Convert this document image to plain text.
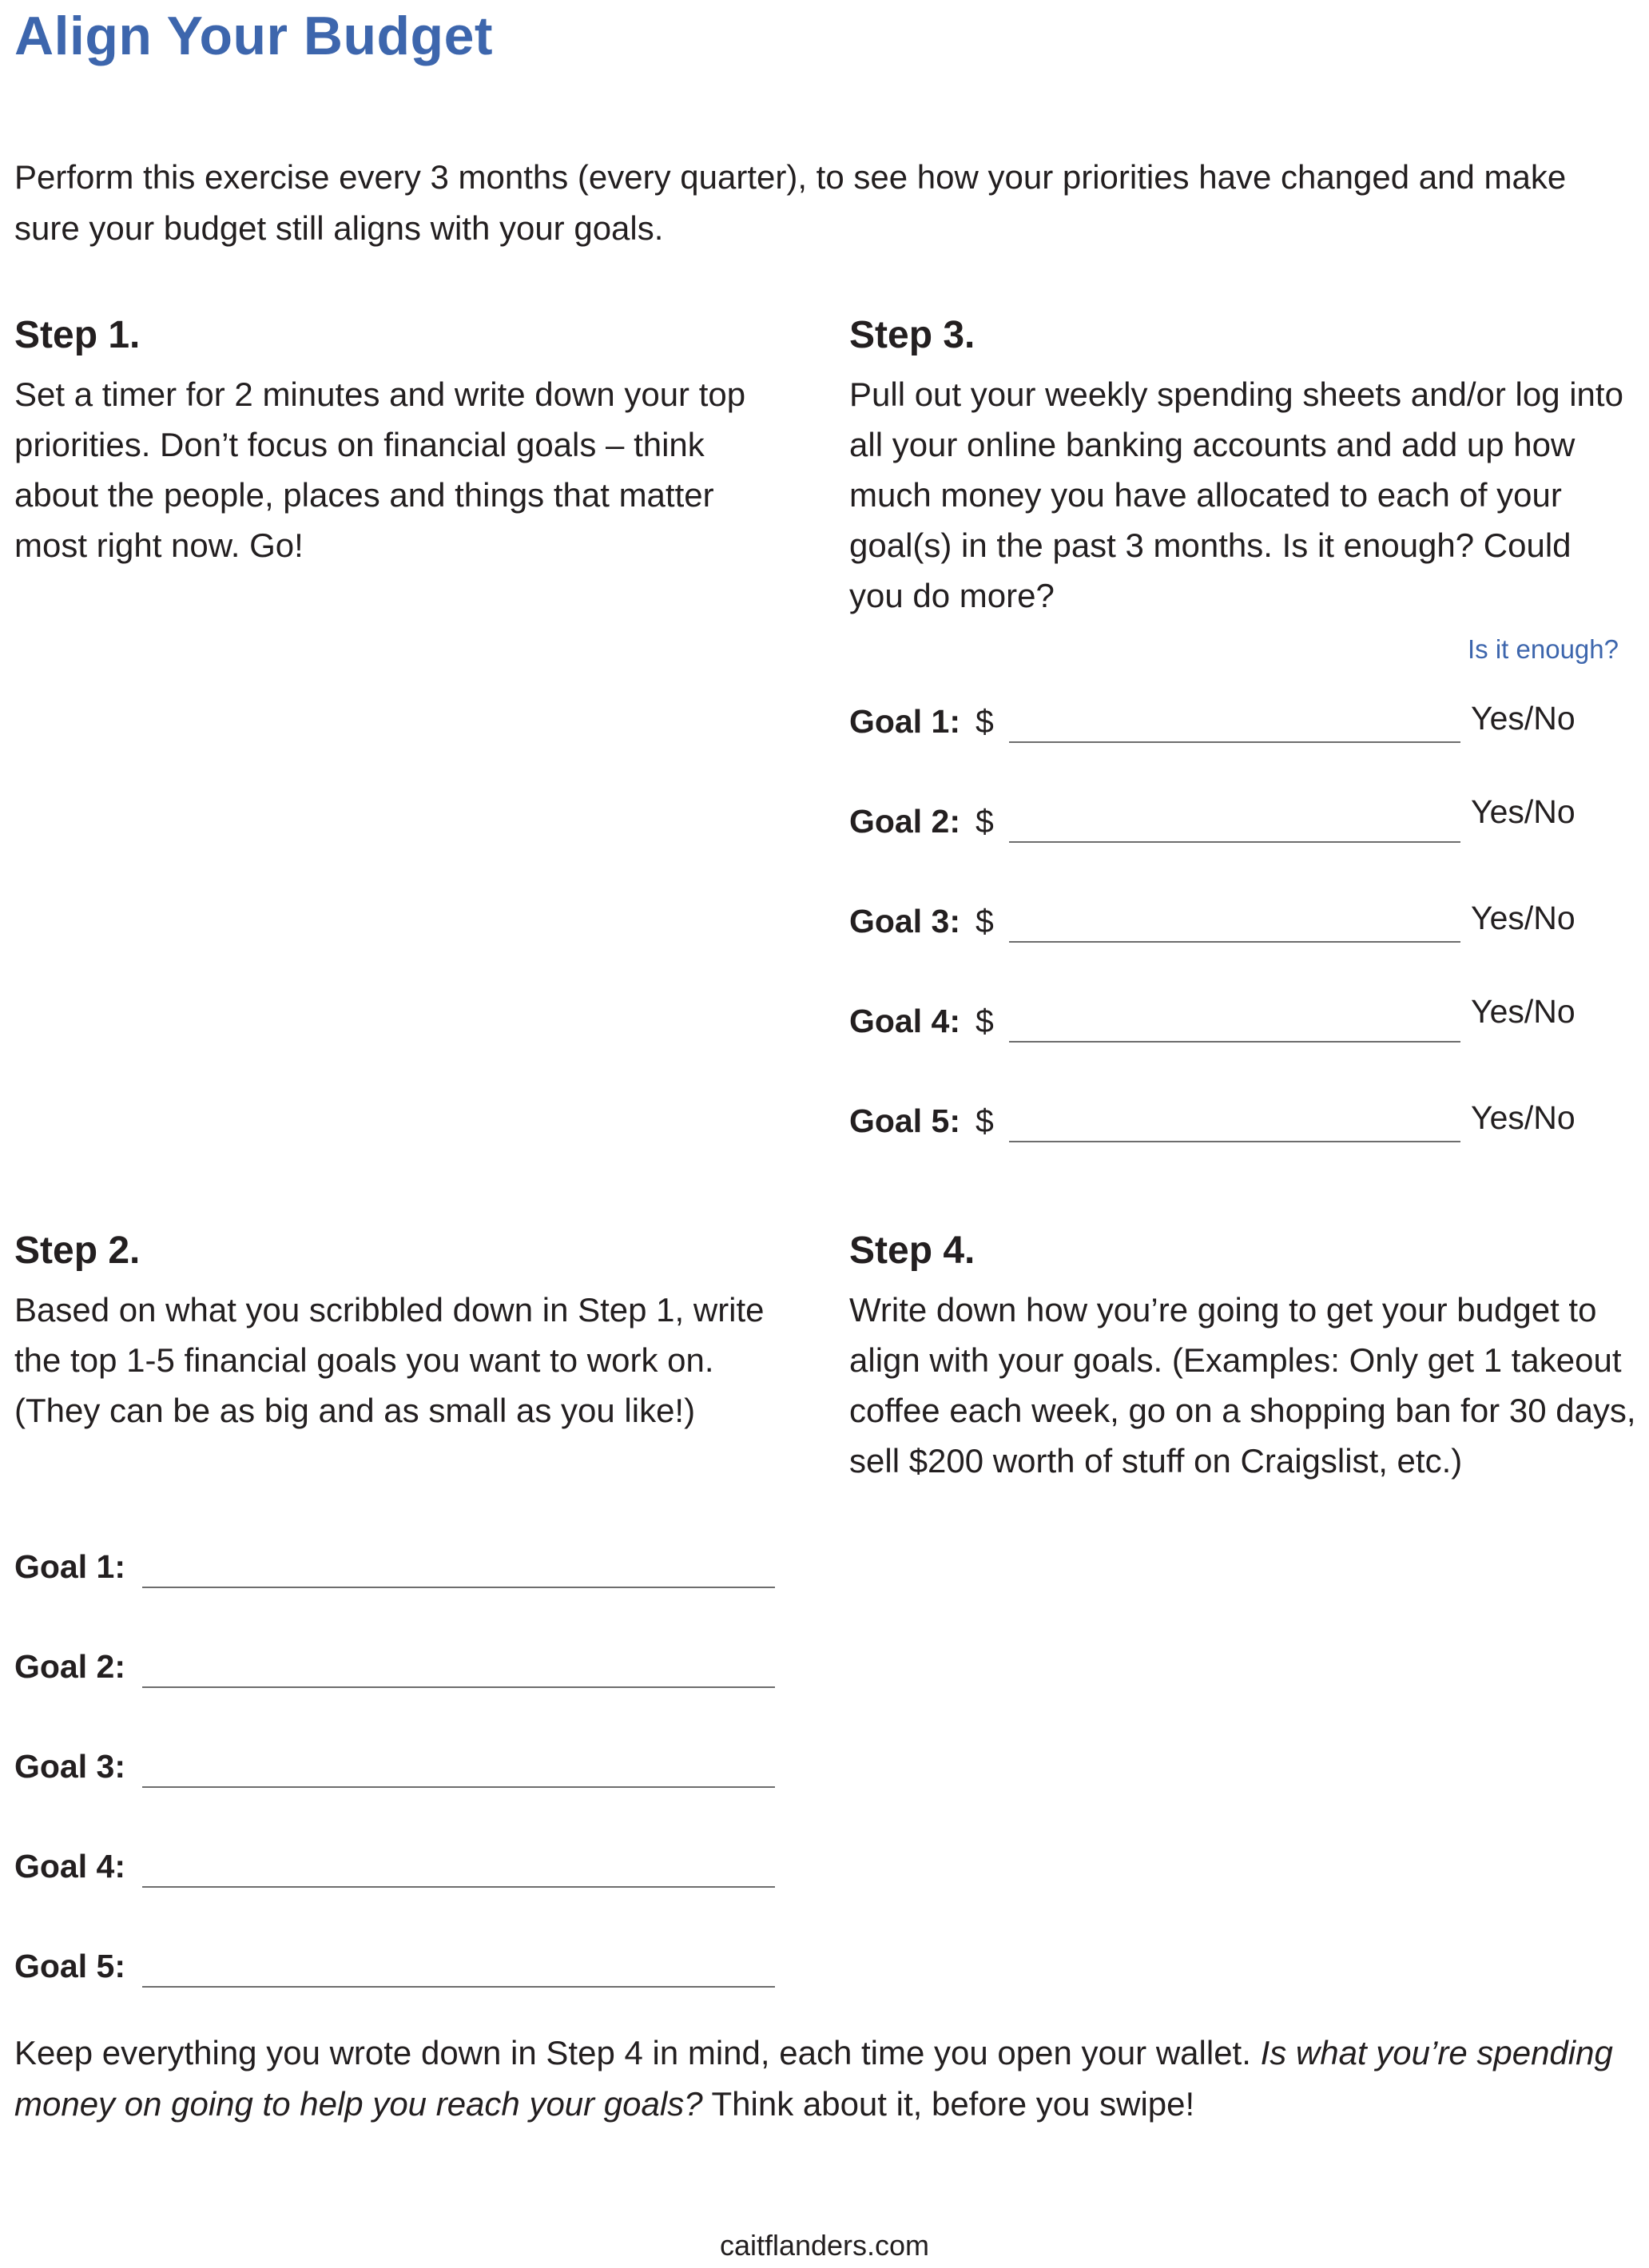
Align Your Budget
Perform this exercise every 3 months (every quarter), to see how your priorities have changed and make sure your budget still aligns with your goals.
Step 1.
Set a timer for 2 minutes and write down your top priorities. Don’t focus on financial goals – think about the people, places and things that matter most right now. Go!
Step 3.
Pull out your weekly spending sheets and/or log into all your online banking accounts and add up how much money you have allocated to each of your goal(s) in the past 3 months. Is it enough? Could you do more?
Is it enough?
Goal 1: $	Yes/No
Goal 2: $	Yes/No
Goal 3: $	Yes/No
Goal 4: $	Yes/No
Goal 5: $	Yes/No
Step 2.
Based on what you scribbled down in Step 1, write the top 1-5 financial goals you want to work on. (They can be as big and as small as you like!)
Goal 1:
Goal 2:
Goal 3:
Goal 4:
Goal 5:
Step 4.
Write down how you’re going to get your budget to align with your goals. (Examples: Only get 1 takeout coffee each week, go on a shopping ban for 30 days, sell $200 worth of stuff on Craigslist, etc.)
Keep everything you wrote down in Step 4 in mind, each time you open your wallet. Is what you’re spending money on going to help you reach your goals? Think about it, before you swipe!
caitflanders.com
